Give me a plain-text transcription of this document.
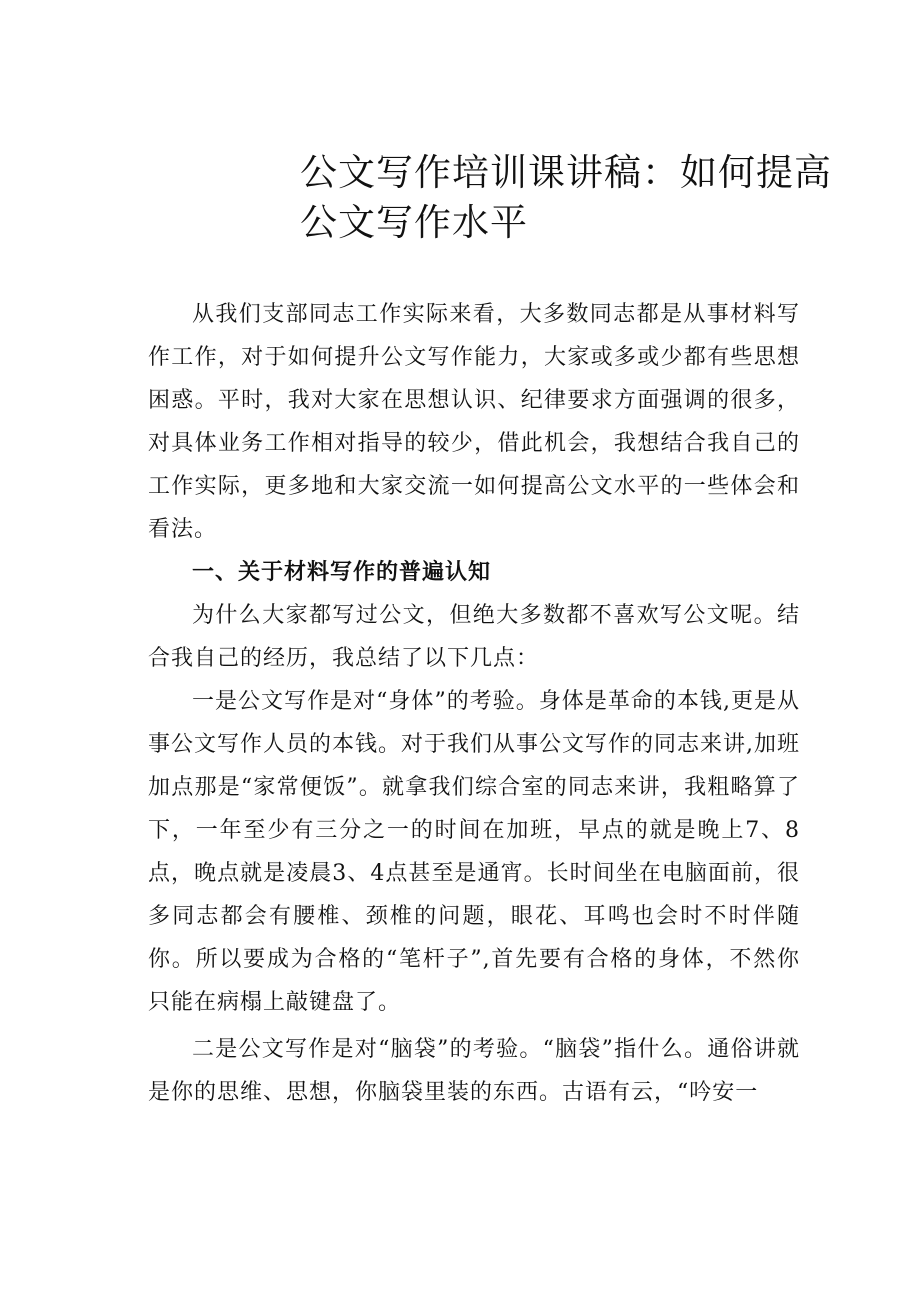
公文写作培训课讲稿：如何提高
公文写作水平

从我们支部同志工作实际来看，大多数同志都是从事材料写作工作，对于如何提升公文写作能力，大家或多或少都有些思想困惑。平时，我对大家在思想认识、纪律要求方面强调的很多，对具体业务工作相对指导的较少，借此机会，我想结合我自己的工作实际，更多地和大家交流一如何提高公文水平的一些体会和看法。

一、关于材料写作的普遍认知

为什么大家都写过公文，但绝大多数都不喜欢写公文呢。结合我自己的经历，我总结了以下几点：

一是公文写作是对“身体”的考验。身体是革命的本钱,更是从事公文写作人员的本钱。对于我们从事公文写作的同志来讲,加班加点那是“家常便饭”。就拿我们综合室的同志来讲，我粗略算了下，一年至少有三分之一的时间在加班，早点的就是晚上7、8点，晚点就是凌晨3、4点甚至是通宵。长时间坐在电脑面前，很多同志都会有腰椎、颈椎的问题，眼花、耳鸣也会时不时伴随你。所以要成为合格的“笔杆子”,首先要有合格的身体，不然你只能在病榻上敲键盘了。

二是公文写作是对“脑袋”的考验。“脑袋”指什么。通俗讲就是你的思维、思想，你脑袋里装的东西。古语有云，“吟安一
